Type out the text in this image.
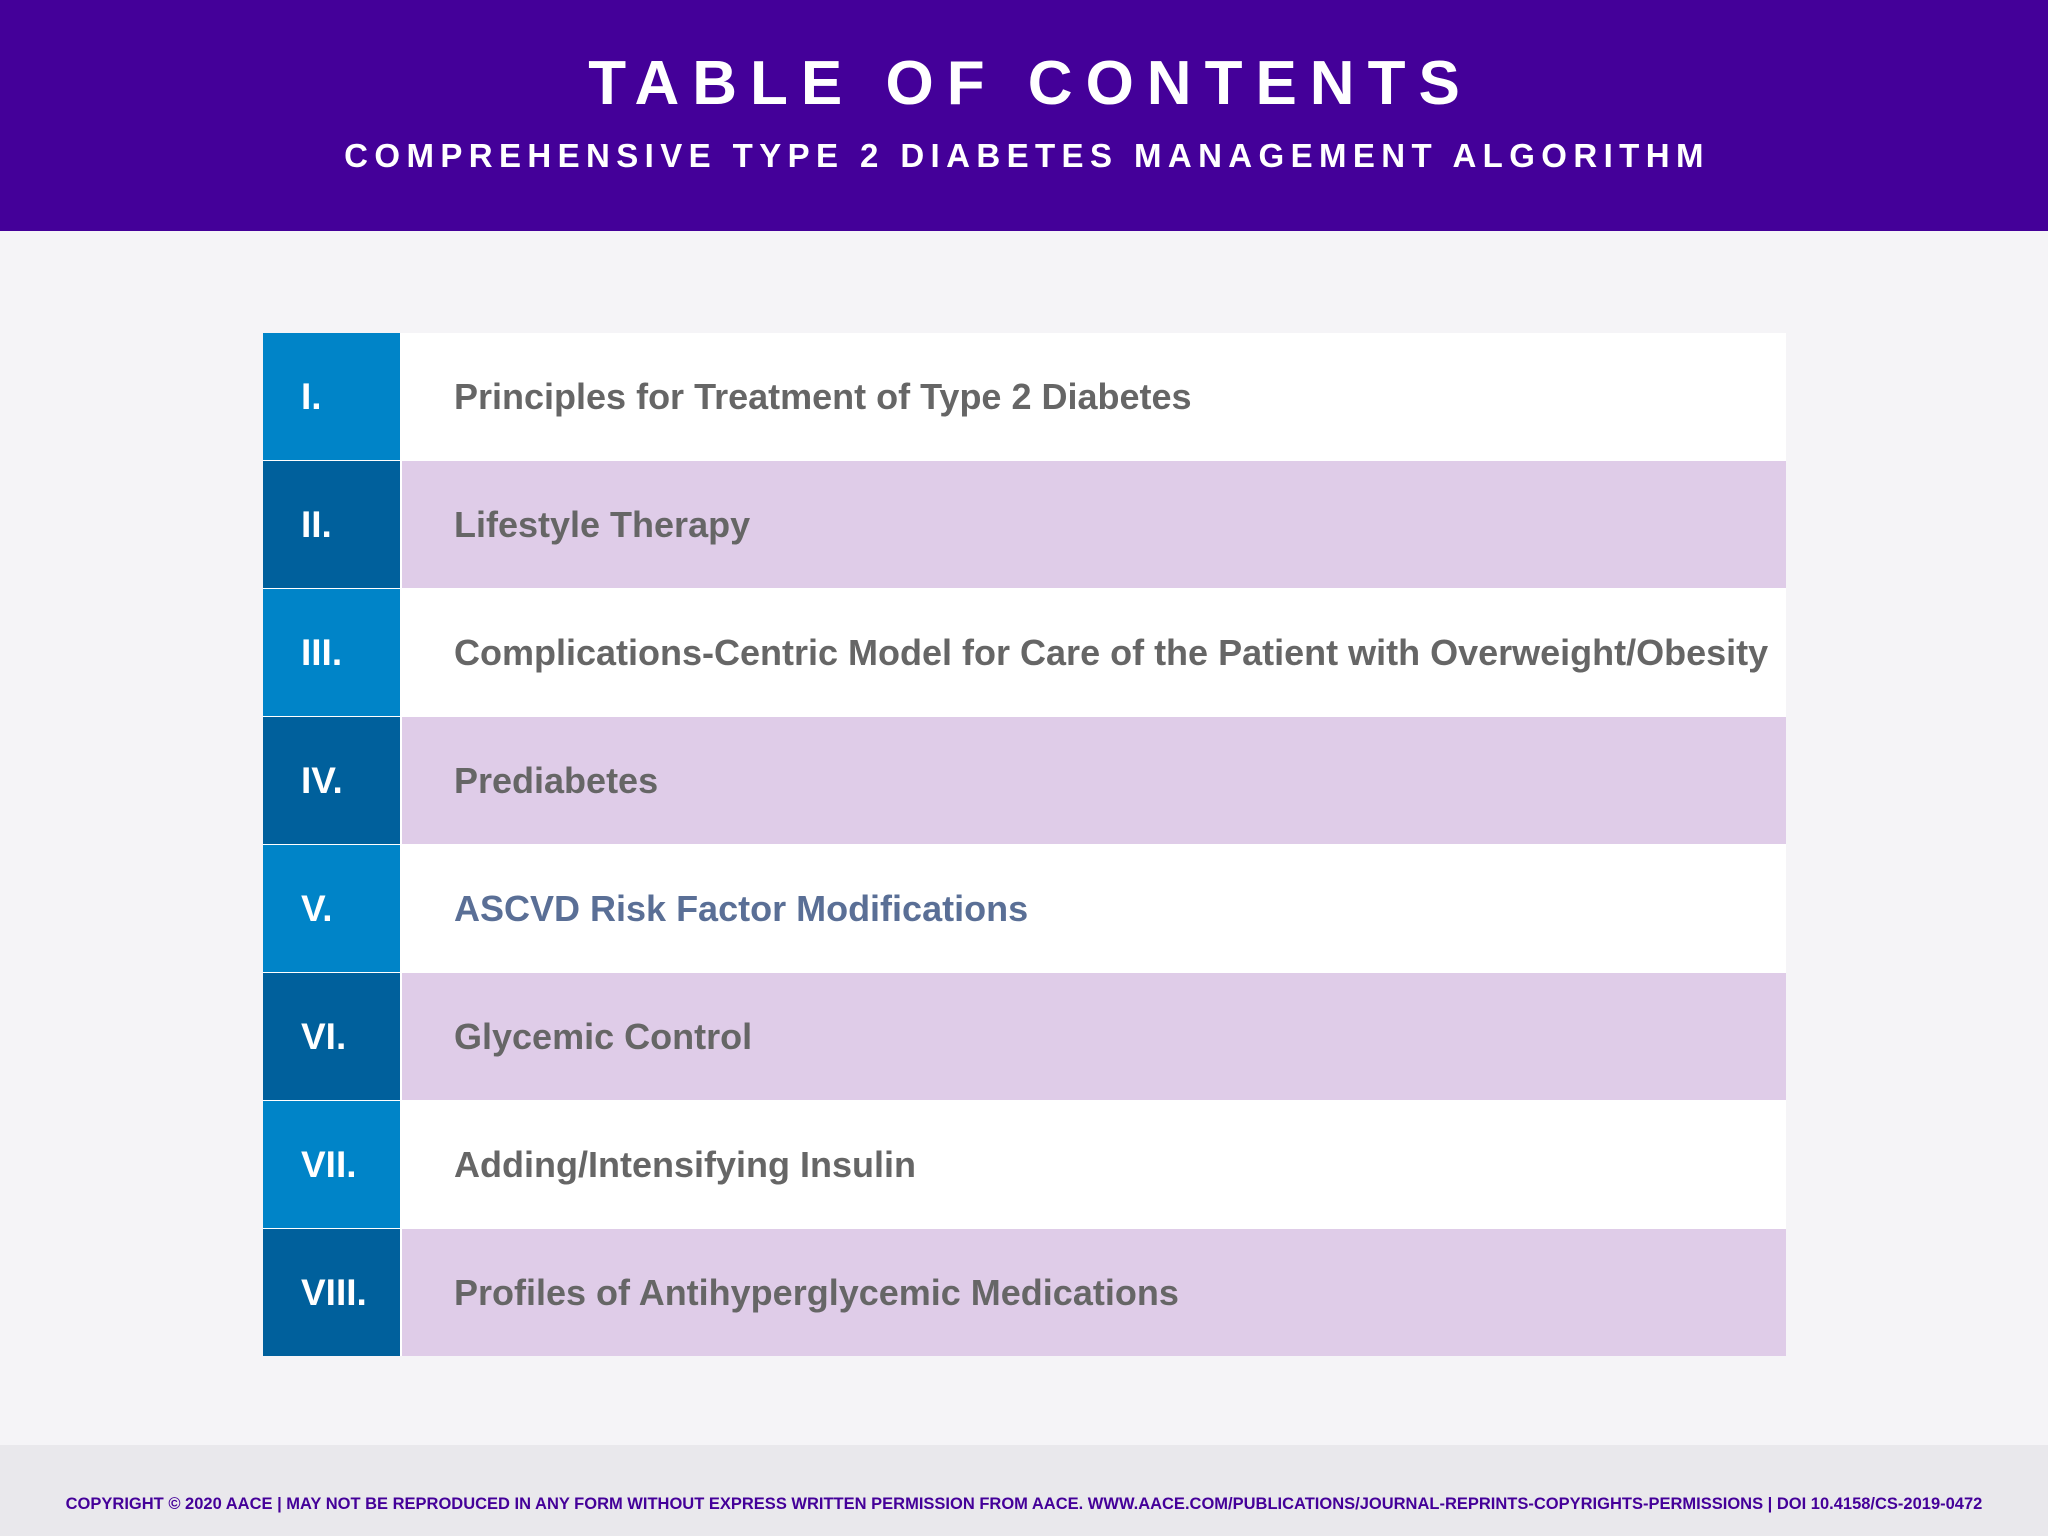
TABLE OF CONTENTS
COMPREHENSIVE TYPE 2 DIABETES MANAGEMENT ALGORITHM
I.	Principles for Treatment of Type 2 Diabetes
II.	Lifestyle Therapy
III.	Complications-Centric Model for Care of the Patient with Overweight/Obesity
IV.	Prediabetes
V.	ASCVD Risk Factor Modifications
VI.	Glycemic Control
VII.	Adding/Intensifying Insulin
VIII.	Profiles of Antihyperglycemic Medications
COPYRIGHT © 2020 AACE | MAY NOT BE REPRODUCED IN ANY FORM WITHOUT EXPRESS WRITTEN PERMISSION FROM AACE. WWW.AACE.COM/PUBLICATIONS/JOURNAL-REPRINTS-COPYRIGHTS-PERMISSIONS | DOI 10.4158/CS-2019-0472
